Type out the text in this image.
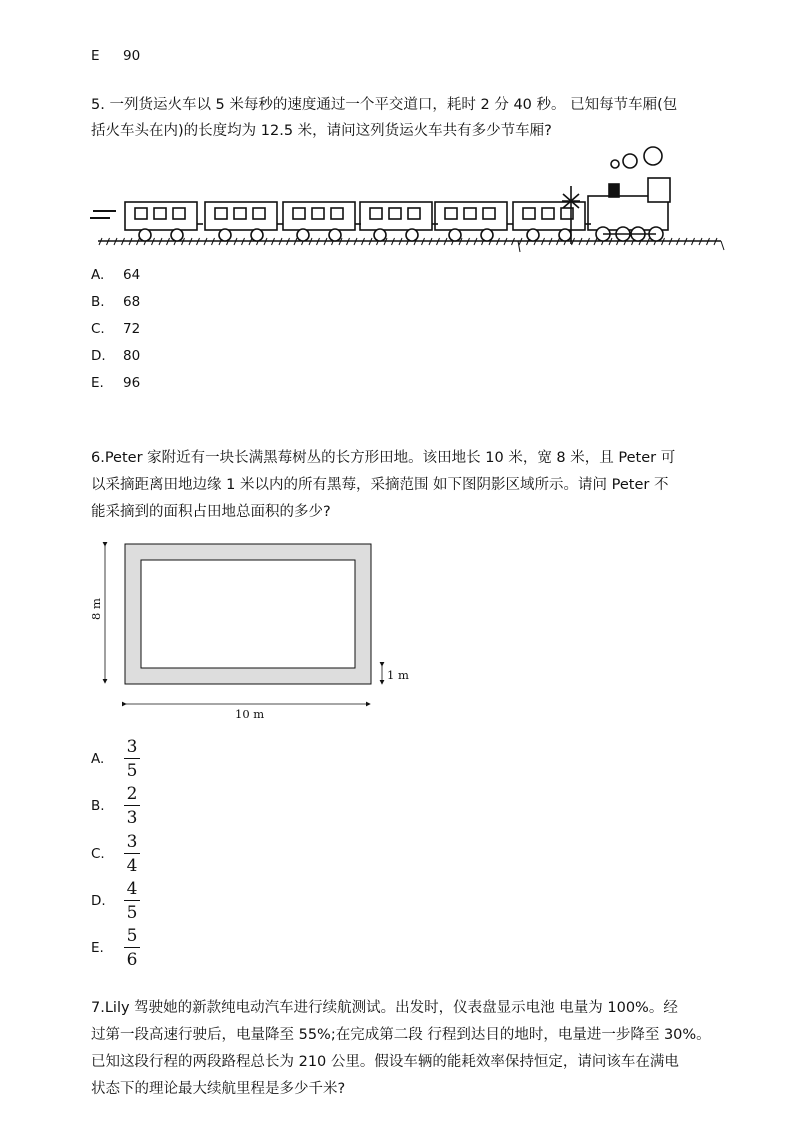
E 90
5. 一列货运火车以 5 米每秒的速度通过一个平交道口，耗时 2 分 40 秒。 已知每节车厢(包
括火车头在内)的长度均为 12.5 米，请问这列货运火车共有多少节车厢?
A. 64
B. 68
C. 72
D. 80
E. 96
6.Peter 家附近有一块长满黑莓树丛的长方形田地。该田地长 10 米，宽 8 米，且 Peter 可
以采摘距离田地边缘 1 米以内的所有黑莓，采摘范围 如下图阴影区域所示。请问 Peter 不
能采摘到的面积占田地总面积的多少?
8 m
10 m
1 m
A.
3
5
B.
2
3
C.
3
4
D.
4
5
E.
5
6
7.Lily 驾驶她的新款纯电动汽车进行续航测试。出发时，仪表盘显示电池 电量为 100%。经
过第一段高速行驶后，电量降至 55%;在完成第二段 行程到达目的地时，电量进一步降至 30%。
已知这段行程的两段路程总长为 210 公里。假设车辆的能耗效率保持恒定，请问该车在满电
状态下的理论最大续航里程是多少千米?
